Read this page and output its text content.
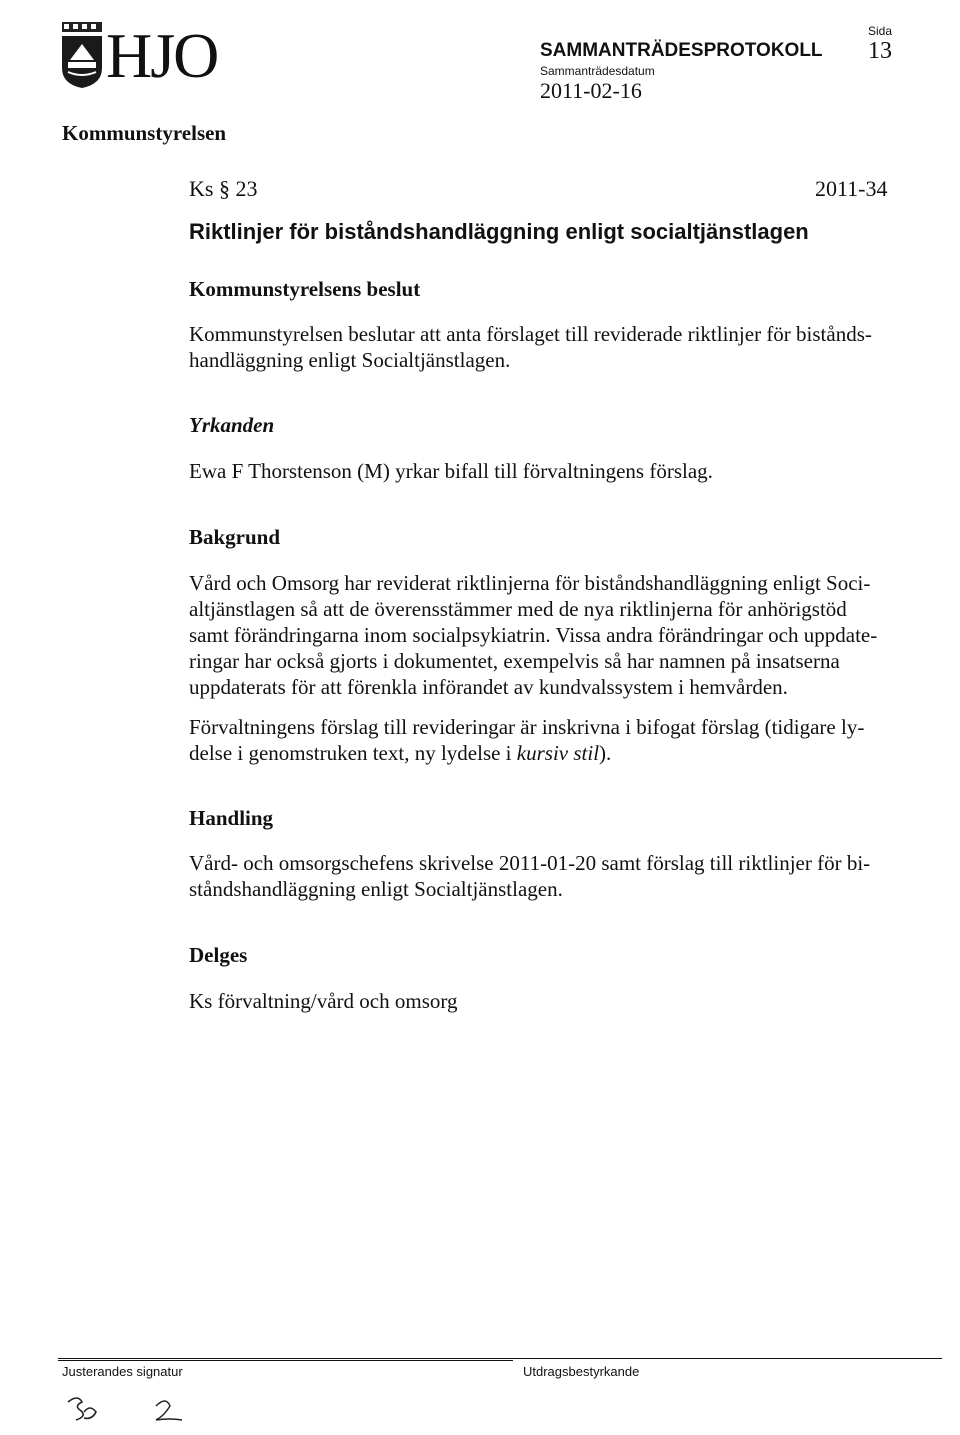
HJO	SAMMANTRÄDESPROTOKOLL
Sammanträdesdatum
2011-02-16
Sida
13
Kommunstyrelsen
Ks § 23	2011-34
Riktlinjer för biståndshandläggning enligt socialtjänstlagen
Kommunstyrelsens beslut
Kommunstyrelsen beslutar att anta förslaget till reviderade riktlinjer för bistånds-
handläggning enligt Socialtjänstlagen.
Yrkanden
Ewa F Thorstenson (M) yrkar bifall till förvaltningens förslag.
Bakgrund
Vård och Omsorg har reviderat riktlinjerna för biståndshandläggning enligt Soci-
altjänstlagen så att de överensstämmer med de nya riktlinjerna för anhörigstöd
samt förändringarna inom socialpsykiatrin. Vissa andra förändringar och uppdate-
ringar har också gjorts i dokumentet, exempelvis så har namnen på insatserna
uppdaterats för att förenkla införandet av kundvalssystem i hemvården.
Förvaltningens förslag till revideringar är inskrivna i bifogat förslag (tidigare ly-
delse i genomstruken text, ny lydelse i kursiv stil).
Handling
Vård- och omsorgschefens skrivelse 2011-01-20 samt förslag till riktlinjer för bi-
ståndshandläggning enligt Socialtjänstlagen.
Delges
Ks förvaltning/vård och omsorg
Justerandes signatur	Utdragsbestyrkande
